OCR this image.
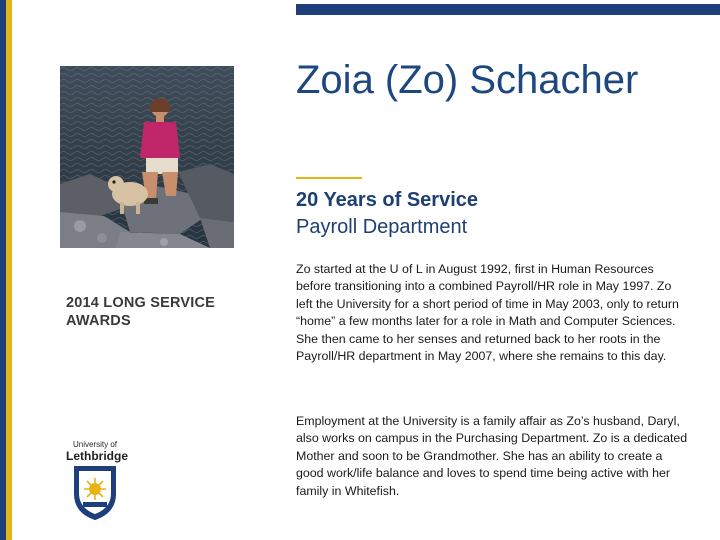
2014 LONG SERVICE AWARDS
University of
Lethbridge
Zoia (Zo) Schacher
20 Years of Service
Payroll Department
Zo started at the U of L in August 1992, first in Human Resources before transitioning into a combined Payroll/HR role in May 1997. Zo left the University for a short period of time in May 2003, only to return “home” a few months later for a role in Math and Computer Sciences. She then came to her senses and returned back to her roots in the Payroll/HR department in May 2007, where she remains to this day.
Employment at the University is a family affair as Zo’s husband, Daryl, also works on campus in the Purchasing Department. Zo is a dedicated Mother and soon to be Grandmother. She has an ability to create a good work/life balance and loves to spend time being active with her family in Whitefish.
